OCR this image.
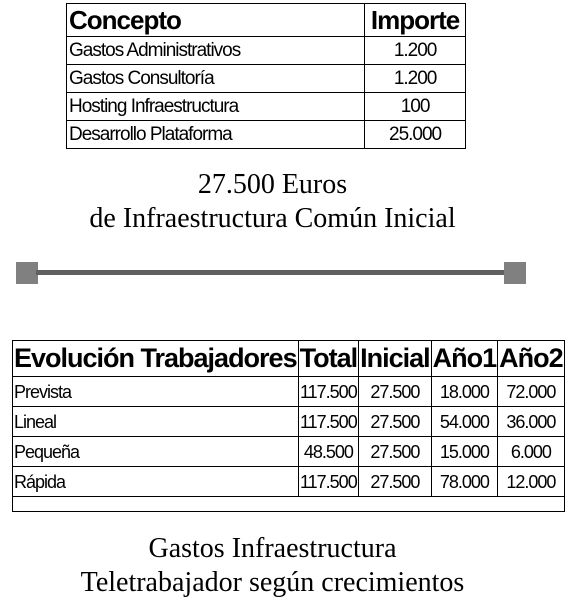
Concepto	Importe
Gastos Administrativos	1.200
Gastos Consultoría	1.200
Hosting Infraestructura	100
Desarrollo Plataforma	25.000
27.500 Euros
de Infraestructura Común Inicial
Evolución Trabajadores	Total	Inicial	Año1	Año2
Prevista	117.500	27.500	18.000	72.000
Lineal	117.500	27.500	54.000	36.000
Pequeña	48.500	27.500	15.000	6.000
Rápida	117.500	27.500	78.000	12.000

Gastos Infraestructura
Teletrabajador según crecimientos
